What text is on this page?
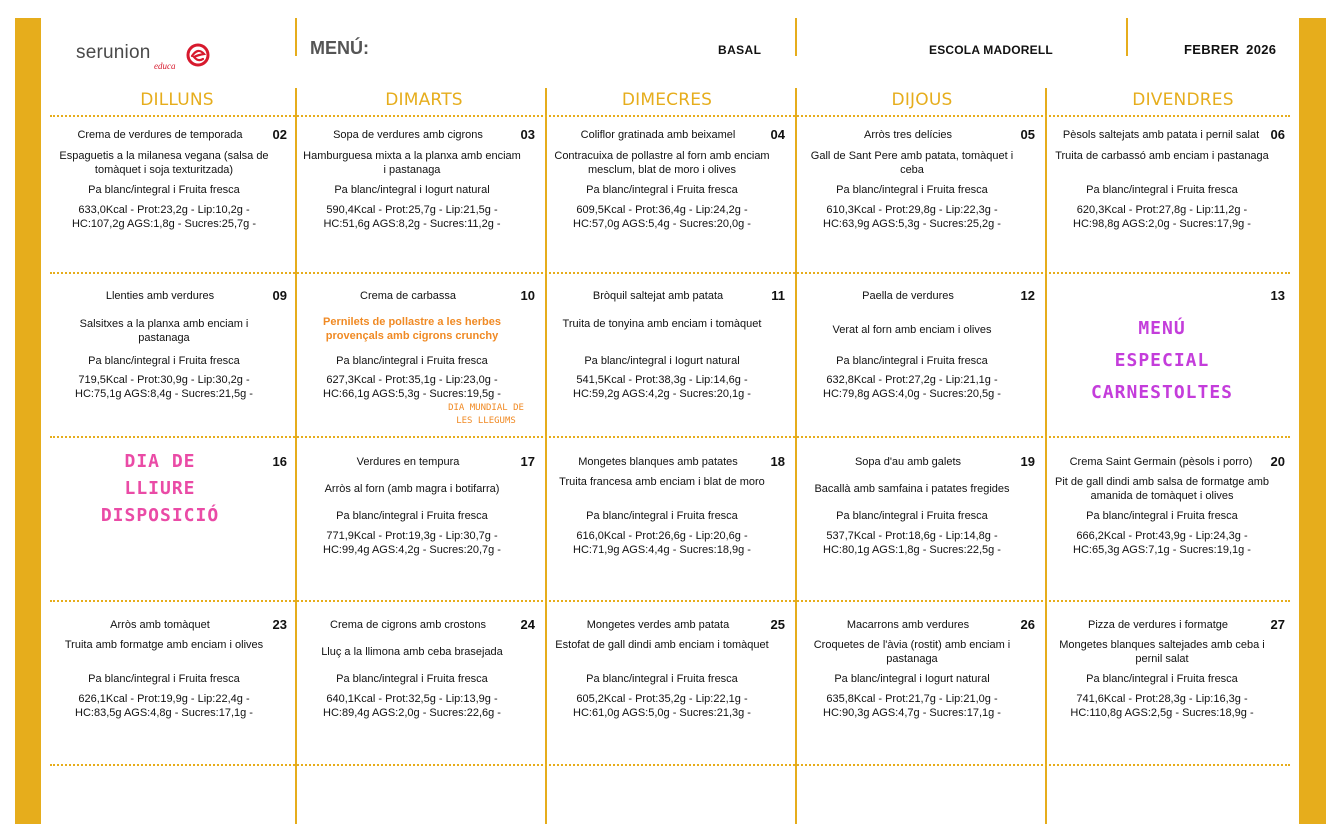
serunion
educa
MENÚ:	BASAL	ESCOLA MADORELL	FEBRER 2026
DILLUNS	DIMARTS	DIMECRES	DIJOUS	DIVENDRES
Crema de verdures de temporada	02
Espaguetis a la milanesa vegana (salsa de tomàquet i soja texturitzada)
Pa blanc/integral i Fruita fresca
633,0Kcal - Prot:23,2g - Lip:10,2g - HC:107,2g AGS:1,8g - Sucres:25,7g -
Sopa de verdures amb cigrons	03
Hamburguesa mixta a la planxa amb enciam i pastanaga
Pa blanc/integral i Iogurt natural
590,4Kcal - Prot:25,7g - Lip:21,5g - HC:51,6g AGS:8,2g - Sucres:11,2g -
Coliflor gratinada amb beixamel	04
Contracuixa de pollastre al forn amb enciam mesclum, blat de moro i olives
Pa blanc/integral i Fruita fresca
609,5Kcal - Prot:36,4g - Lip:24,2g - HC:57,0g AGS:5,4g - Sucres:20,0g -
Arròs tres delícies	05
Gall de Sant Pere amb patata, tomàquet i ceba
Pa blanc/integral i Fruita fresca
610,3Kcal - Prot:29,8g - Lip:22,3g - HC:63,9g AGS:5,3g - Sucres:25,2g -
Pèsols saltejats amb patata i pernil salat 06
Truita de carbassó amb enciam i pastanaga
Pa blanc/integral i Fruita fresca
620,3Kcal - Prot:27,8g - Lip:11,2g - HC:98,8g AGS:2,0g - Sucres:17,9g -
Llenties amb verdures	09
Salsitxes a la planxa amb enciam i pastanaga
Pa blanc/integral i Fruita fresca
719,5Kcal - Prot:30,9g - Lip:30,2g - HC:75,1g AGS:8,4g - Sucres:21,5g -
Crema de carbassa	10
Pernilets de pollastre a les herbes provençals amb cigrons crunchy
Pa blanc/integral i Fruita fresca
627,3Kcal - Prot:35,1g - Lip:23,0g - HC:66,1g AGS:5,3g - Sucres:19,5g -
DIA MUNDIAL DE LES LLEGUMS
Bròquil saltejat amb patata	11
Truita de tonyina amb enciam i tomàquet
Pa blanc/integral i Iogurt natural
541,5Kcal - Prot:38,3g - Lip:14,6g - HC:59,2g AGS:4,2g - Sucres:20,1g -
Paella de verdures	12
Verat al forn amb enciam i olives
Pa blanc/integral i Fruita fresca
632,8Kcal - Prot:27,2g - Lip:21,1g - HC:79,8g AGS:4,0g - Sucres:20,5g -
13
MENÚ
ESPECIAL
CARNESTOLTES
16
DIA DE
LLIURE
DISPOSICIÓ
Verdures en tempura	17
Arròs al forn (amb magra i botifarra)
Pa blanc/integral i Fruita fresca
771,9Kcal - Prot:19,3g - Lip:30,7g - HC:99,4g AGS:4,2g - Sucres:20,7g -
Mongetes blanques amb patates	18
Truita francesa amb enciam i blat de moro
Pa blanc/integral i Fruita fresca
616,0Kcal - Prot:26,6g - Lip:20,6g - HC:71,9g AGS:4,4g - Sucres:18,9g -
Sopa d'au amb galets	19
Bacallà amb samfaina i patates fregides
Pa blanc/integral i Fruita fresca
537,7Kcal - Prot:18,6g - Lip:14,8g - HC:80,1g AGS:1,8g - Sucres:22,5g -
Crema Saint Germain (pèsols i porro)	20
Pit de gall dindi amb salsa de formatge amb amanida de tomàquet i olives
Pa blanc/integral i Fruita fresca
666,2Kcal - Prot:43,9g - Lip:24,3g - HC:65,3g AGS:7,1g - Sucres:19,1g -
Arròs amb tomàquet	23
Truita amb formatge amb enciam i olives
Pa blanc/integral i Fruita fresca
626,1Kcal - Prot:19,9g - Lip:22,4g - HC:83,5g AGS:4,8g - Sucres:17,1g -
Crema de cigrons amb crostons	24
Lluç a la llimona amb ceba brasejada
Pa blanc/integral i Fruita fresca
640,1Kcal - Prot:32,5g - Lip:13,9g - HC:89,4g AGS:2,0g - Sucres:22,6g -
Mongetes verdes amb patata	25
Estofat de gall dindi amb enciam i tomàquet
Pa blanc/integral i Fruita fresca
605,2Kcal - Prot:35,2g - Lip:22,1g - HC:61,0g AGS:5,0g - Sucres:21,3g -
Macarrons amb verdures	26
Croquetes de l'àvia (rostit) amb enciam i pastanaga
Pa blanc/integral i Iogurt natural
635,8Kcal - Prot:21,7g - Lip:21,0g - HC:90,3g AGS:4,7g - Sucres:17,1g -
Pizza de verdures i formatge	27
Mongetes blanques saltejades amb ceba i pernil salat
Pa blanc/integral i Fruita fresca
741,6Kcal - Prot:28,3g - Lip:16,3g - HC:110,8g AGS:2,5g - Sucres:18,9g -
